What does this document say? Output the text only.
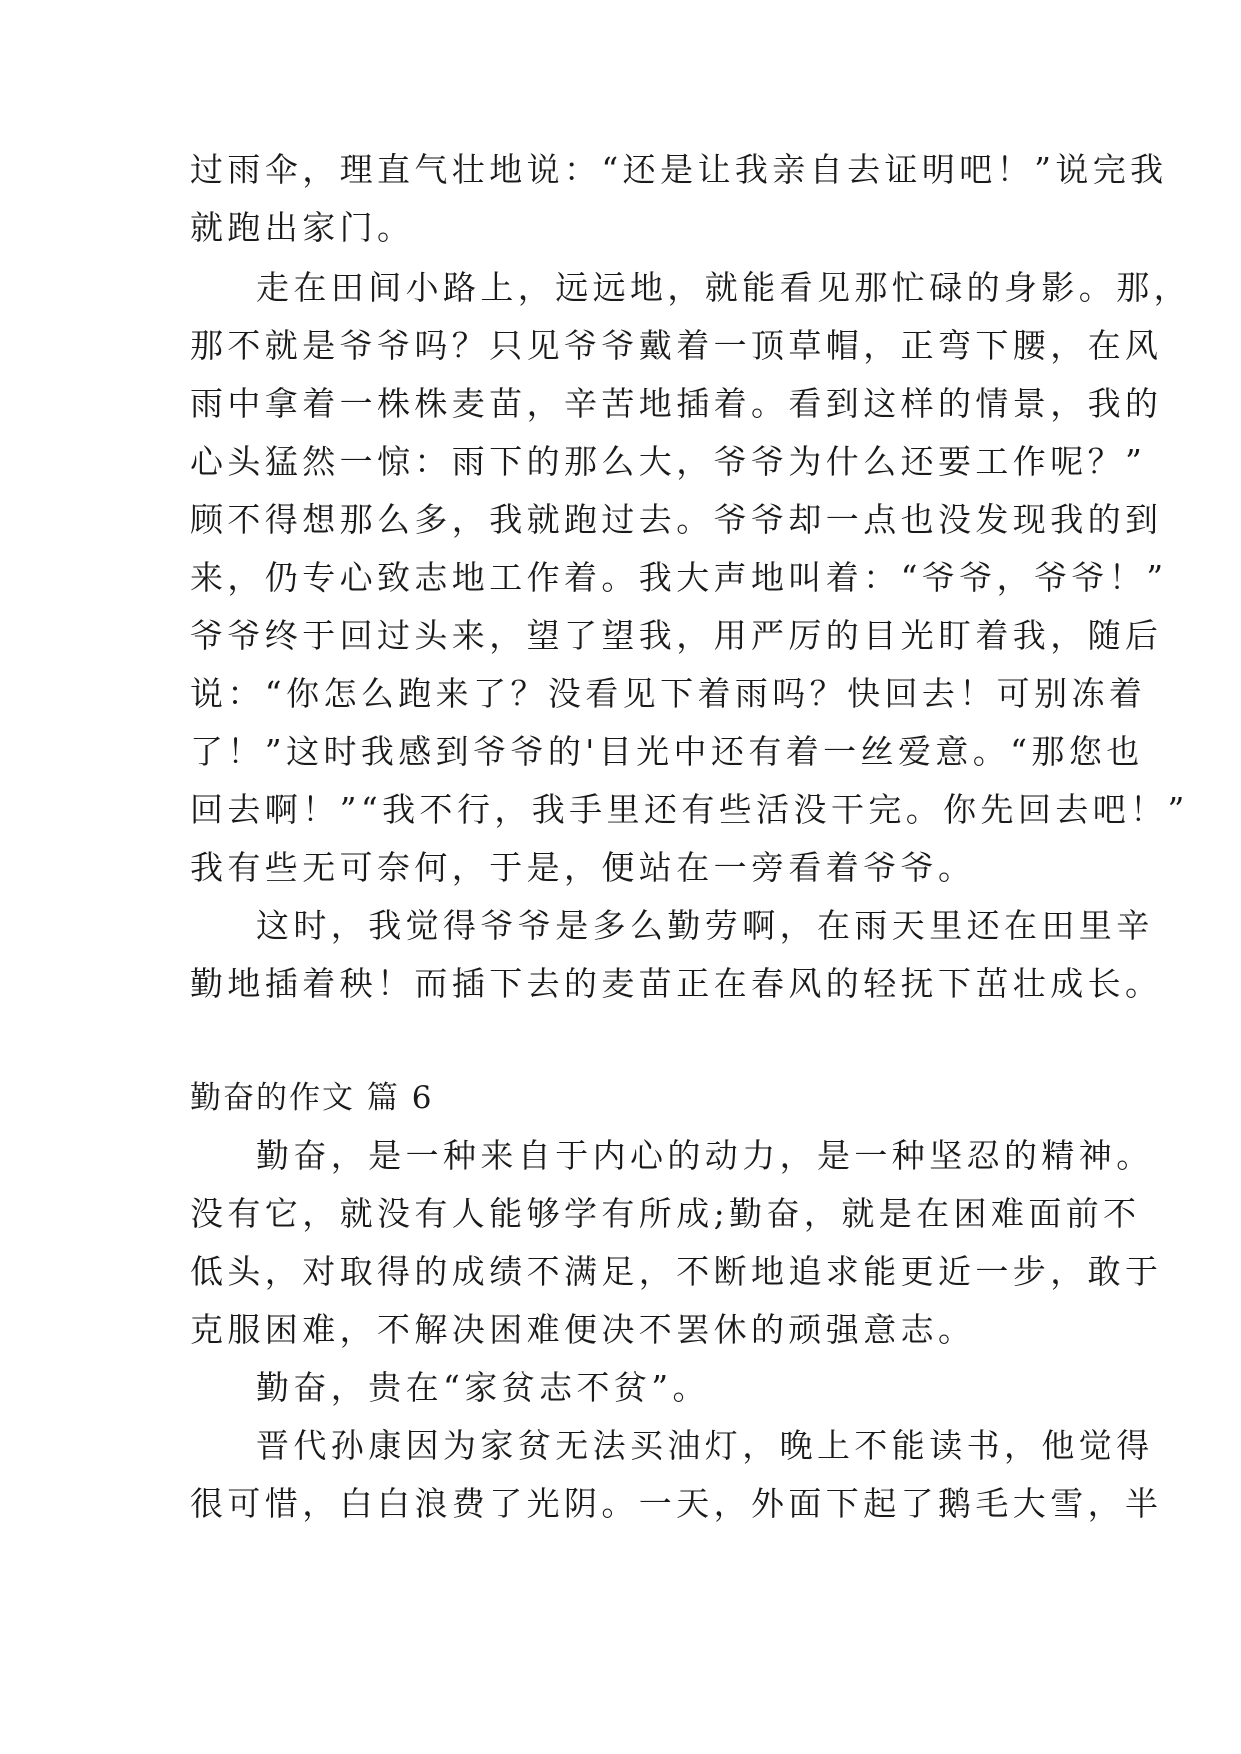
过雨伞，理直气壮地说：“还是让我亲自去证明吧！”说完我
就跑出家门。
走在田间小路上，远远地，就能看见那忙碌的身影。那，
那不就是爷爷吗？只见爷爷戴着一顶草帽，正弯下腰，在风
雨中拿着一株株麦苗，辛苦地插着。看到这样的情景，我的
心头猛然一惊：雨下的那么大，爷爷为什么还要工作呢？”
顾不得想那么多，我就跑过去。爷爷却一点也没发现我的到
来，仍专心致志地工作着。我大声地叫着：“爷爷，爷爷！”
爷爷终于回过头来，望了望我，用严厉的目光盯着我，随后
说：“你怎么跑来了？没看见下着雨吗？快回去！可别冻着
了！”这时我感到爷爷的'目光中还有着一丝爱意。“那您也
回去啊！”“我不行，我手里还有些活没干完。你先回去吧！”
我有些无可奈何，于是，便站在一旁看着爷爷。
这时，我觉得爷爷是多么勤劳啊，在雨天里还在田里辛
勤地插着秧！而插下去的麦苗正在春风的轻抚下茁壮成长。
勤奋的作文 篇 6
勤奋，是一种来自于内心的动力，是一种坚忍的精神。
没有它，就没有人能够学有所成;勤奋，就是在困难面前不
低头，对取得的成绩不满足，不断地追求能更近一步，敢于
克服困难，不解决困难便决不罢休的顽强意志。
勤奋，贵在“家贫志不贫”。
晋代孙康因为家贫无法买油灯，晚上不能读书，他觉得
很可惜，白白浪费了光阴。一天，外面下起了鹅毛大雪，半
